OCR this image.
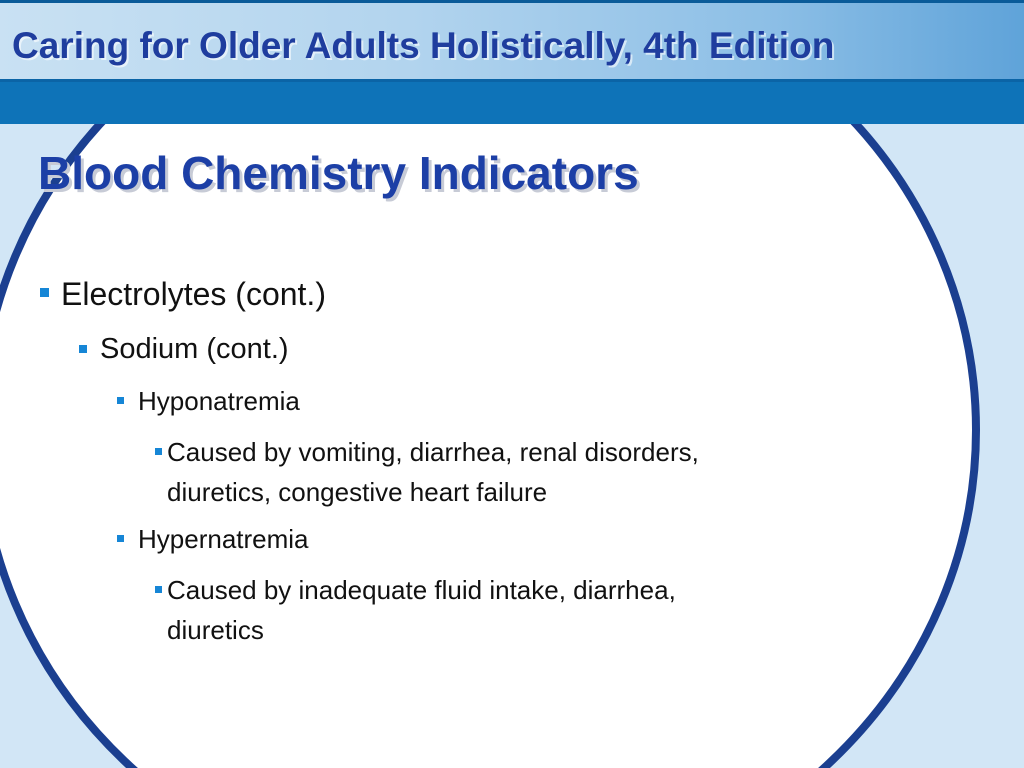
Caring for Older Adults Holistically, 4th Edition
Blood Chemistry Indicators
Electrolytes (cont.)
Sodium (cont.)
Hyponatremia
Caused by vomiting, diarrhea, renal disorders,
diuretics, congestive heart failure
Hypernatremia
Caused by inadequate fluid intake, diarrhea,
diuretics
